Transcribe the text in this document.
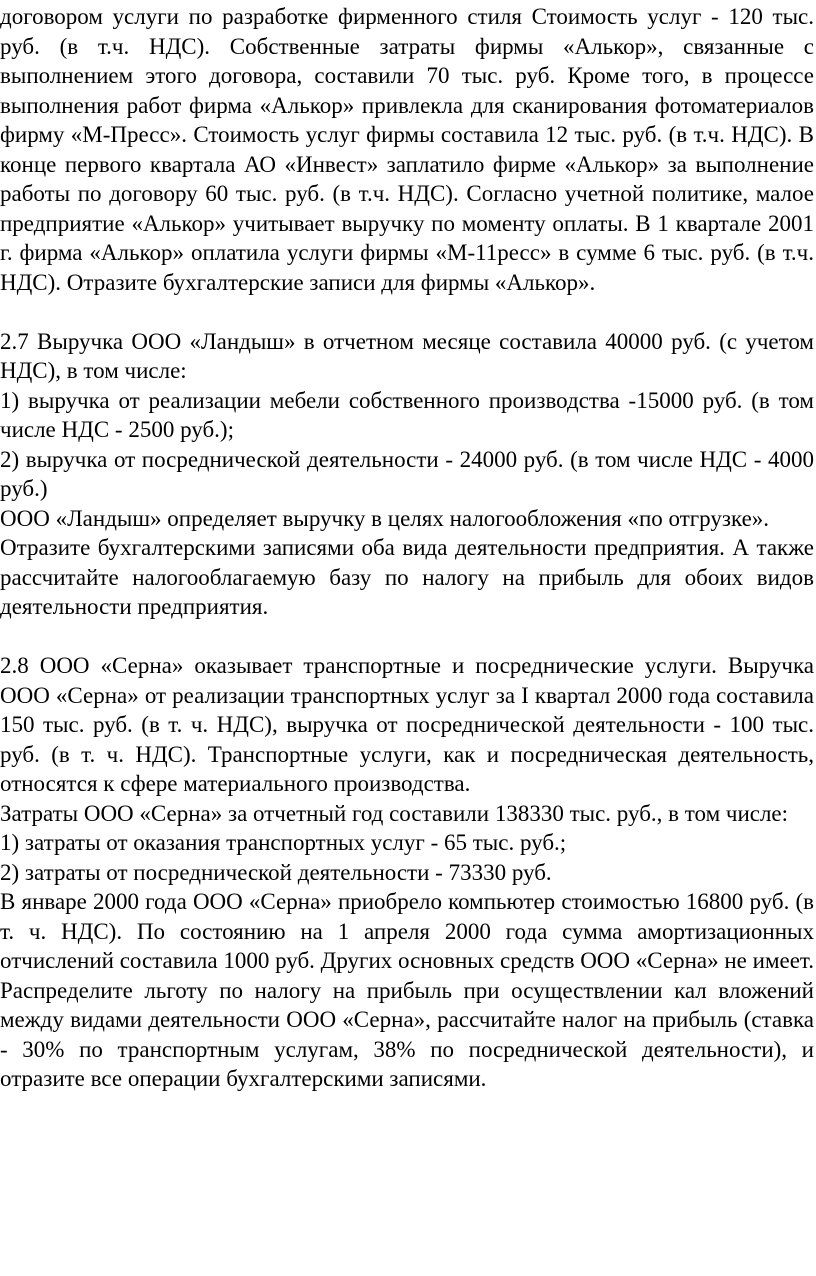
договором услуги по разработке фирменного стиля Стоимость услуг - 120 тыс. руб. (в т.ч. НДС). Собственные затраты фирмы «Алькор», связанные с выполнением этого договора, составили 70 тыс. руб. Кроме того, в процессе выполнения работ фирма «Алькор» привлекла для сканирования фотоматериалов фирму «М-Пресс». Стоимость услуг фирмы составила 12 тыс. руб. (в т.ч. НДС). В конце первого квартала АО «Инвест» заплатило фирме «Алькор» за выполнение работы по договору 60 тыс. руб. (в т.ч. НДС). Согласно учетной политике, малое предприятие «Алькор» учитывает выручку по моменту оплаты. В 1 квартале 2001 г. фирма «Алькор» оплатила услуги фирмы «М-11ресс» в сумме 6 тыс. руб. (в т.ч. НДС). Отразите бухгалтерские записи для фирмы «Алькор».

2.7 Выручка ООО «Ландыш» в отчетном месяце составила 40000 руб. (с учетом НДС), в том числе:

1) выручка от реализации мебели собственного производства -15000 руб. (в том числе НДС - 2500 руб.);

2) выручка от посреднической деятельности - 24000 руб. (в том числе НДС - 4000 руб.)

ООО «Ландыш» определяет выручку в целях налогообложения «по отгрузке».

Отразите бухгалтерскими записями оба вида деятельности предприятия. А также рассчитайте налогооблагаемую базу по налогу на прибыль для обоих видов деятельности предприятия.

2.8 ООО «Серна» оказывает транспортные и посреднические услуги. Выручка ООО «Серна» от реализации транспортных услуг за I квартал 2000 года составила 150 тыс. руб. (в т. ч. НДС), выручка от посреднической деятельности - 100 тыс. руб. (в т. ч. НДС). Транспортные услуги, как и посредническая деятельность, относятся к сфере материального производства.

Затраты ООО «Серна» за отчетный год составили 138330 тыс. руб., в том числе:

1) затраты от оказания транспортных услуг - 65 тыс. руб.;

2) затраты от посреднической деятельности - 73330 руб.

В январе 2000 года ООО «Серна» приобрело компьютер стоимостью 16800 руб. (в т. ч. НДС). По состоянию на 1 апреля 2000 года сумма амортизационных отчислений составила 1000 руб. Других основных средств ООО «Серна» не имеет. Распределите льготу по налогу на прибыль при осуществлении кал вложений между видами деятельности ООО «Серна», рассчитайте налог на прибыль (ставка - 30% по транспортным услугам, 38% по посреднической деятельности), и отразите все операции бухгалтерскими записями.
